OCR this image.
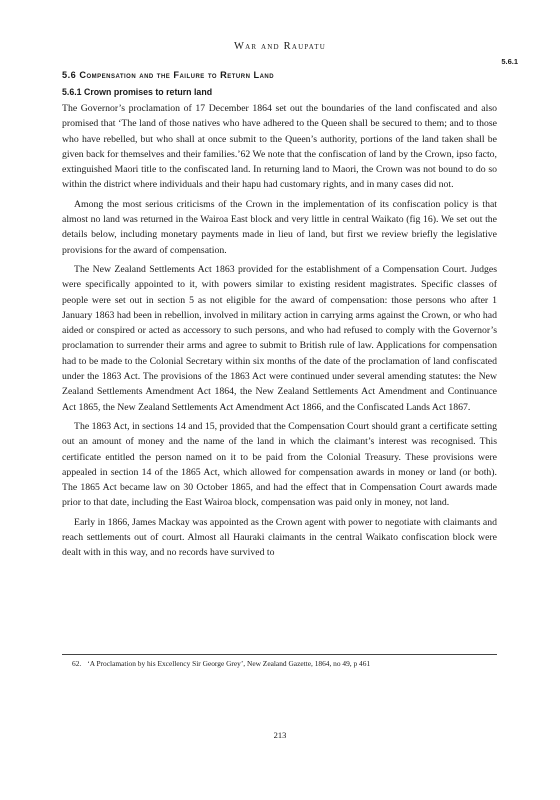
War and Raupatu
5.6.1
5.6 Compensation and the Failure to Return Land
5.6.1 Crown promises to return land

The Governor’s proclamation of 17 December 1864 set out the boundaries of the land confiscated and also promised that ‘The land of those natives who have adhered to the Queen shall be secured to them; and to those who have rebelled, but who shall at once submit to the Queen’s authority, portions of the land taken shall be given back for themselves and their families.’62 We note that the confiscation of land by the Crown, ipso facto, extinguished Maori title to the confiscated land. In returning land to Maori, the Crown was not bound to do so within the district where individuals and their hapu had customary rights, and in many cases did not.

Among the most serious criticisms of the Crown in the implementation of its confiscation policy is that almost no land was returned in the Wairoa East block and very little in central Waikato (fig 16). We set out the details below, including monetary payments made in lieu of land, but first we review briefly the legislative provisions for the award of compensation.

The New Zealand Settlements Act 1863 provided for the establishment of a Compensation Court. Judges were specifically appointed to it, with powers similar to existing resident magistrates. Specific classes of people were set out in section 5 as not eligible for the award of compensation: those persons who after 1 January 1863 had been in rebellion, involved in military action in carrying arms against the Crown, or who had aided or conspired or acted as accessory to such persons, and who had refused to comply with the Governor’s proclamation to surrender their arms and agree to submit to British rule of law. Applications for compensation had to be made to the Colonial Secretary within six months of the date of the proclamation of land confiscated under the 1863 Act. The provisions of the 1863 Act were continued under several amending statutes: the New Zealand Settlements Amendment Act 1864, the New Zealand Settlements Act Amendment and Continuance Act 1865, the New Zealand Settlements Act Amendment Act 1866, and the Confiscated Lands Act 1867.

The 1863 Act, in sections 14 and 15, provided that the Compensation Court should grant a certificate setting out an amount of money and the name of the land in which the claimant’s interest was recognised. This certificate entitled the person named on it to be paid from the Colonial Treasury. These provisions were appealed in section 14 of the 1865 Act, which allowed for compensation awards in money or land (or both). The 1865 Act became law on 30 October 1865, and had the effect that in Compensation Court awards made prior to that date, including the East Wairoa block, compensation was paid only in money, not land.

Early in 1866, James Mackay was appointed as the Crown agent with power to negotiate with claimants and reach settlements out of court. Almost all Hauraki claimants in the central Waikato confiscation block were dealt with in this way, and no records have survived to

62. ‘A Proclamation by his Excellency Sir George Grey’, New Zealand Gazette, 1864, no 49, p 461
213
